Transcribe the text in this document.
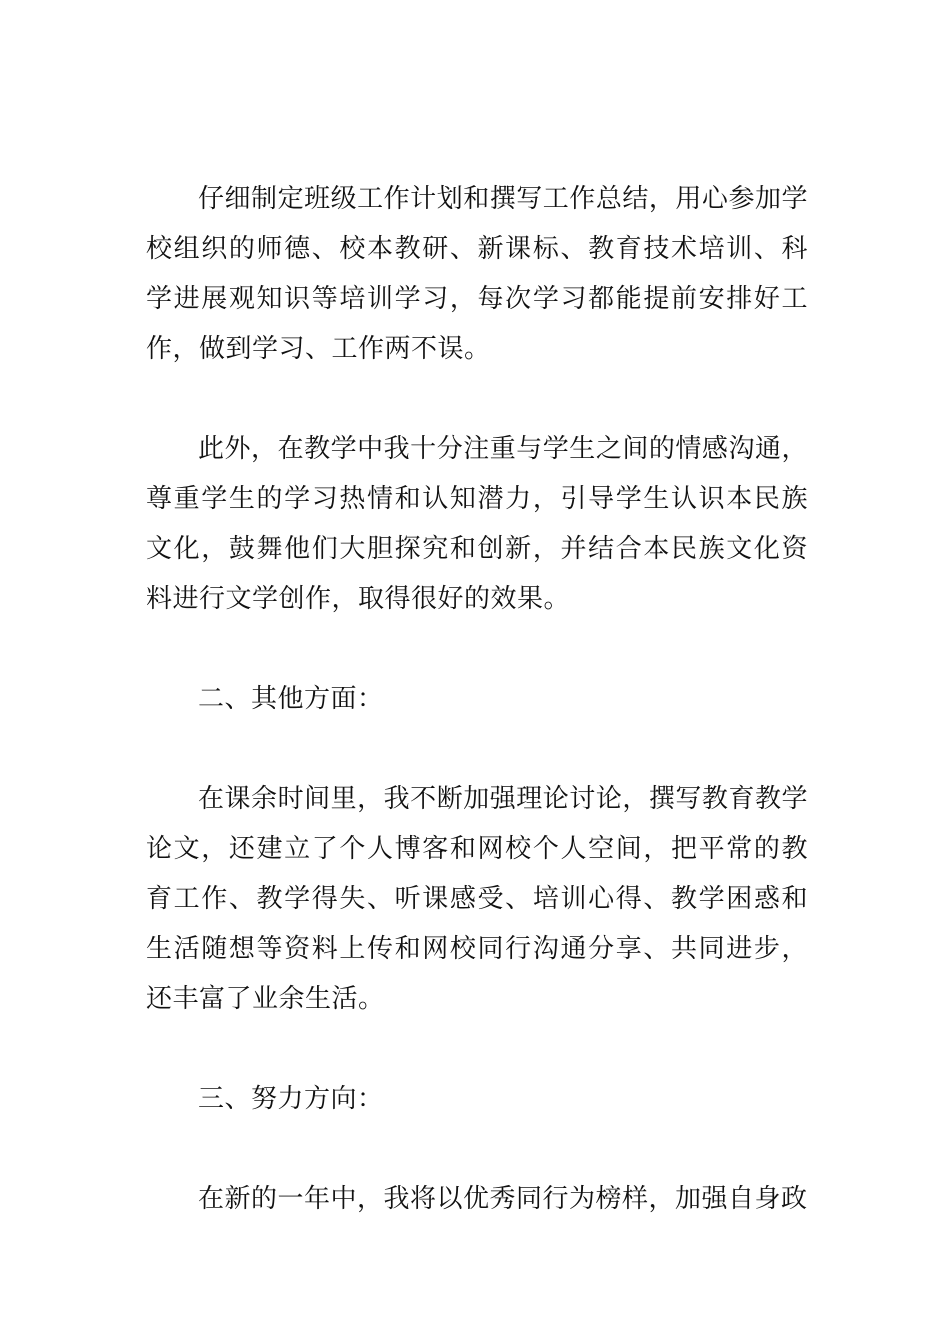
仔细制定班级工作计划和撰写工作总结，用心参加学校组织的师德、校本教研、新课标、教育技术培训、科学进展观知识等培训学习，每次学习都能提前安排好工作，做到学习、工作两不误。

此外，在教学中我十分注重与学生之间的情感沟通，尊重学生的学习热情和认知潜力，引导学生认识本民族文化，鼓舞他们大胆探究和创新，并结合本民族文化资料进行文学创作，取得很好的效果。

二、其他方面：

在课余时间里，我不断加强理论讨论，撰写教育教学论文，还建立了个人博客和网校个人空间，把平常的教育工作、教学得失、听课感受、培训心得、教学困惑和生活随想等资料上传和网校同行沟通分享、共同进步，还丰富了业余生活。

三、努力方向：

在新的一年中，我将以优秀同行为榜样，加强自身政
